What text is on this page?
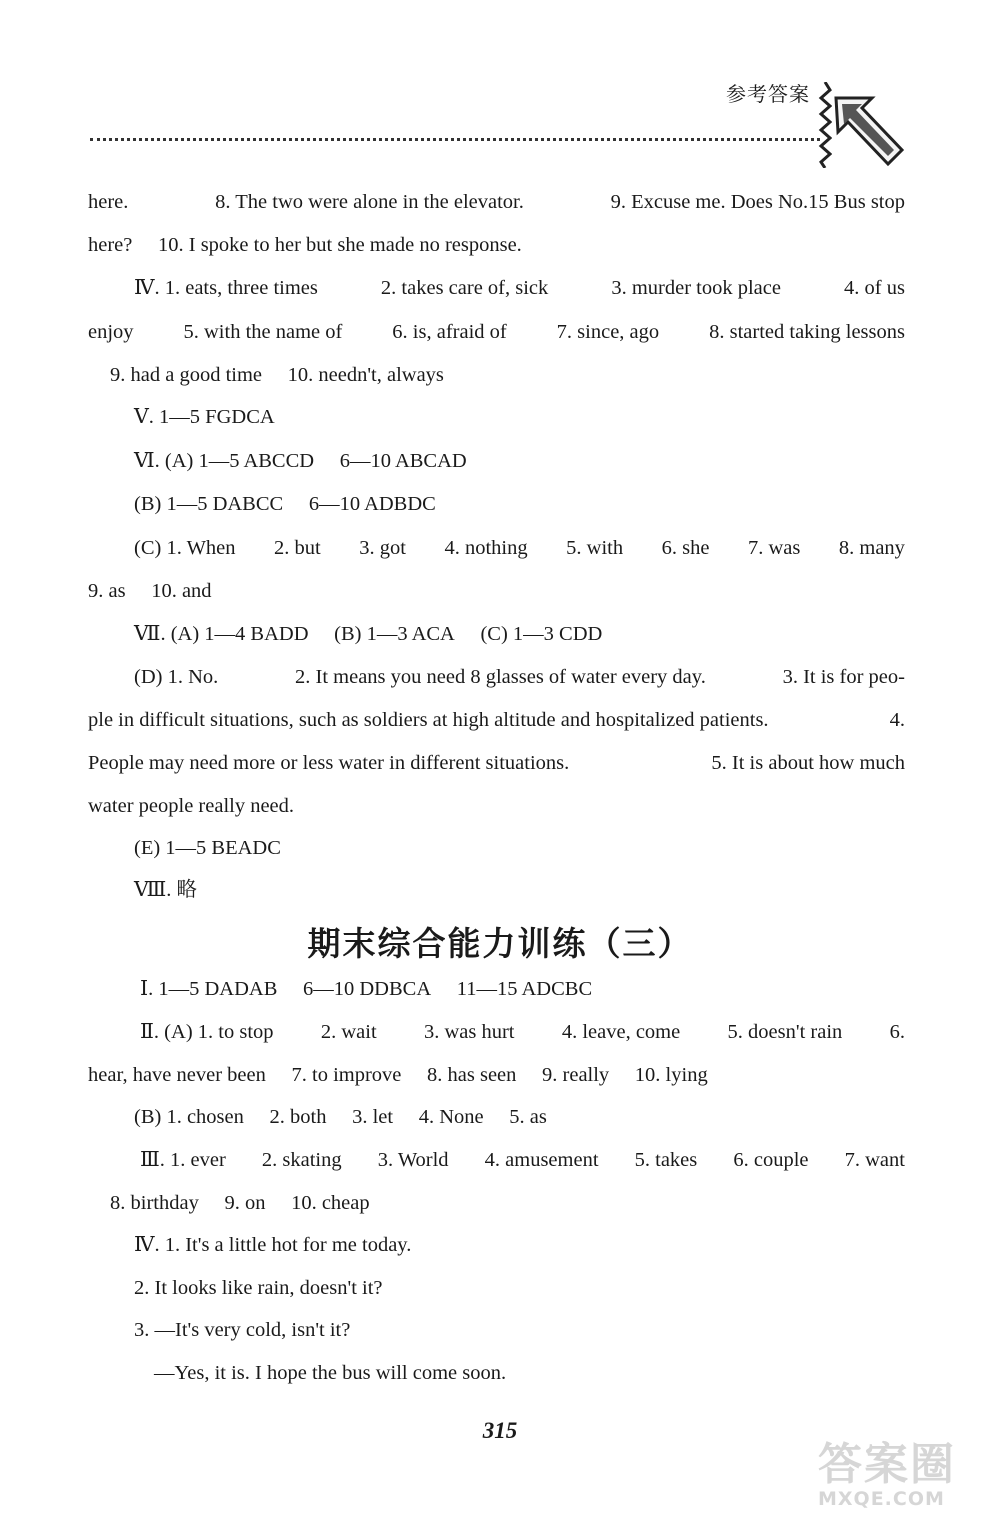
参考答案
here.	8. The two were alone in the elevator.	9. Excuse me. Does No.15 Bus stop
here?  10. I spoke to her but she made no response.
Ⅳ. 1. eats, three times	2. takes care of, sick	3. murder took place	4. of us
enjoy 5. with the name of 6. is, afraid of 7. since, ago 8. started taking lessons
9. had a good time  10. needn't, always
Ⅴ. 1—5 FGDCA
Ⅵ. (A) 1—5 ABCCD  6—10 ABCAD
(B) 1—5 DABCC  6—10 ADBDC
(C) 1. When 2. but 3. got 4. nothing 5. with 6. she 7. was 8. many
9. as  10. and
Ⅶ. (A) 1—4 BADD  (B) 1—3 ACA  (C) 1—3 CDD
(D) 1. No.	2. It means you need 8 glasses of water every day.	3. It is for peo-
ple in difficult situations, such as soldiers at high altitude and hospitalized patients.	4.
People may need more or less water in different situations.	5. It is about how much
water people really need.
(E) 1—5 BEADC
Ⅷ. 略
期末综合能力训练（三）
Ⅰ. 1—5 DADAB  6—10 DDBCA  11—15 ADCBC
Ⅱ. (A) 1. to stop 2. wait 3. was hurt 4. leave, come 5. doesn't rain 6.
hear, have never been  7. to improve  8. has seen  9. really  10. lying
(B) 1. chosen  2. both  3. let  4. None  5. as
Ⅲ. 1. ever 2. skating 3. World 4. amusement 5. takes 6. couple 7. want
8. birthday  9. on  10. cheap
Ⅳ. 1. It's a little hot for me today.
2. It looks like rain, doesn't it?
3. —It's very cold, isn't it?
—Yes, it is. I hope the bus will come soon.
315
答案圈
MXQE.COM
